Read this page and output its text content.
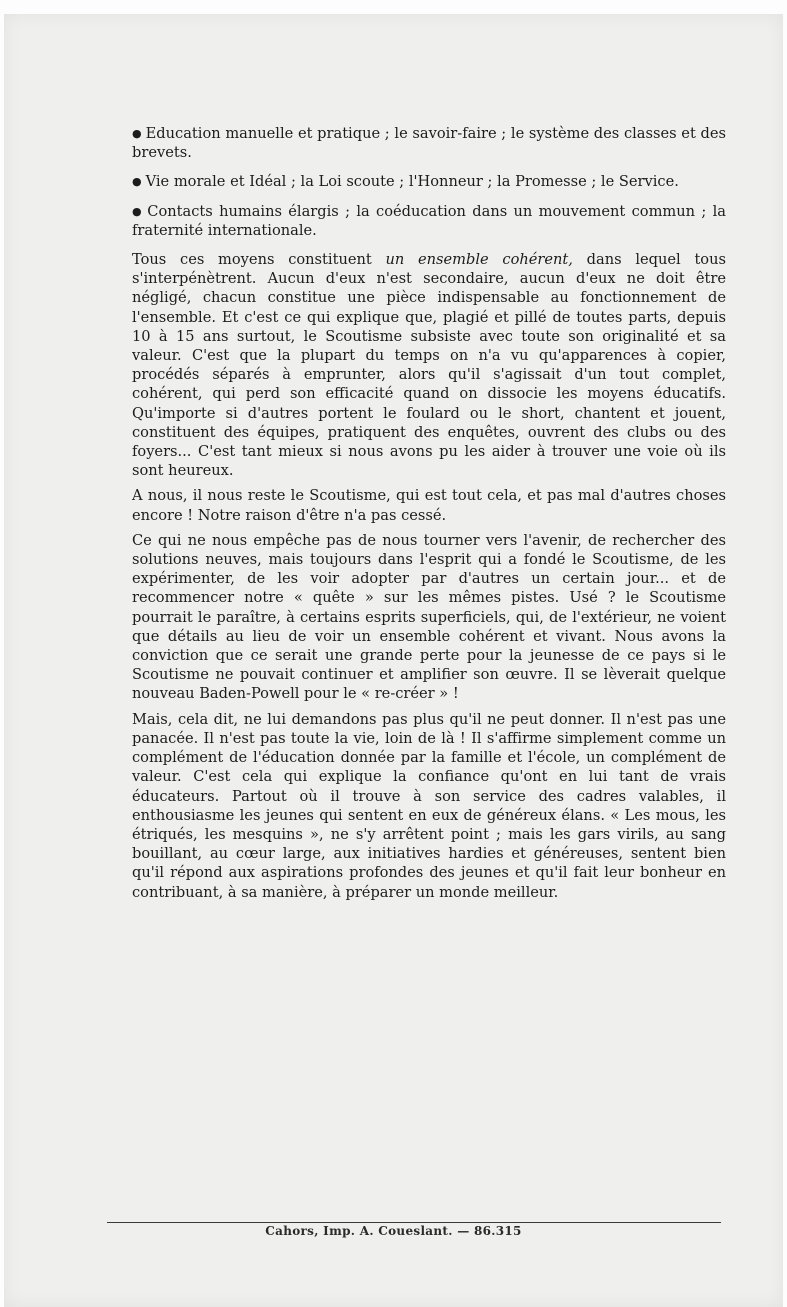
● Education manuelle et pratique ; le savoir-faire ; le système des classes et des brevets.

● Vie morale et Idéal ; la Loi scoute ; l'Honneur ; la Promesse ; le Service.

● Contacts humains élargis ; la coéducation dans un mouvement commun ; la fraternité internationale.

Tous ces moyens constituent un ensemble cohérent, dans lequel tous s'interpénètrent. Aucun d'eux n'est secondaire, aucun d'eux ne doit être négligé, chacun constitue une pièce indispensable au fonctionnement de l'ensemble. Et c'est ce qui explique que, plagié et pillé de toutes parts, depuis 10 à 15 ans surtout, le Scoutisme subsiste avec toute son originalité et sa valeur. C'est que la plupart du temps on n'a vu qu'apparences à copier, procédés séparés à emprunter, alors qu'il s'agissait d'un tout complet, cohérent, qui perd son efficacité quand on dissocie les moyens éducatifs. Qu'importe si d'autres portent le foulard ou le short, chantent et jouent, constituent des équipes, pratiquent des enquêtes, ouvrent des clubs ou des foyers... C'est tant mieux si nous avons pu les aider à trouver une voie où ils sont heureux.

A nous, il nous reste le Scoutisme, qui est tout cela, et pas mal d'autres choses encore ! Notre raison d'être n'a pas cessé.

Ce qui ne nous empêche pas de nous tourner vers l'avenir, de rechercher des solutions neuves, mais toujours dans l'esprit qui a fondé le Scoutisme, de les expérimenter, de les voir adopter par d'autres un certain jour... et de recommencer notre « quête » sur les mêmes pistes. Usé ? le Scoutisme pourrait le paraître, à certains esprits superficiels, qui, de l'extérieur, ne voient que détails au lieu de voir un ensemble cohérent et vivant. Nous avons la conviction que ce serait une grande perte pour la jeunesse de ce pays si le Scoutisme ne pouvait continuer et amplifier son œuvre. Il se lèverait quelque nouveau Baden-Powell pour le « re-créer » !

Mais, cela dit, ne lui demandons pas plus qu'il ne peut donner. Il n'est pas une panacée. Il n'est pas toute la vie, loin de là ! Il s'affirme simplement comme un complément de l'éducation donnée par la famille et l'école, un complément de valeur. C'est cela qui explique la confiance qu'ont en lui tant de vrais éducateurs. Partout où il trouve à son service des cadres valables, il enthousiasme les jeunes qui sentent en eux de généreux élans. « Les mous, les étriqués, les mesquins », ne s'y arrêtent point ; mais les gars virils, au sang bouillant, au cœur large, aux initiatives hardies et généreuses, sentent bien qu'il répond aux aspirations profondes des jeunes et qu'il fait leur bonheur en contribuant, à sa manière, à préparer un monde meilleur.

Cahors, Imp. A. Coueslant. — 86.315
